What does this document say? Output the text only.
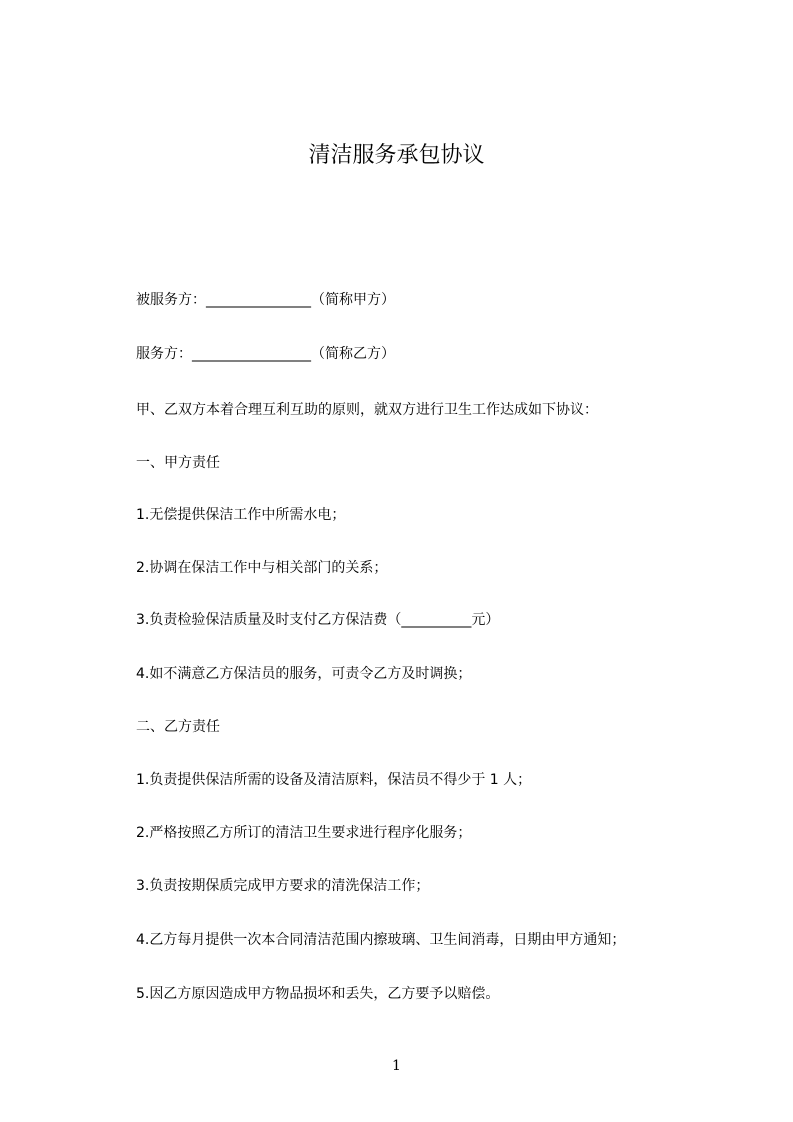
清洁服务承包协议
被服务方：_______________（简称甲方）
服务方：_________________（简称乙方）
甲、乙双方本着合理互利互助的原则，就双方进行卫生工作达成如下协议：
一、甲方责任
1.无偿提供保洁工作中所需水电；
2.协调在保洁工作中与相关部门的关系；
3.负责检验保洁质量及时支付乙方保洁费（__________元）
4.如不满意乙方保洁员的服务，可责令乙方及时调换；
二、乙方责任
1.负责提供保洁所需的设备及清洁原料，保洁员不得少于 1 人；
2.严格按照乙方所订的清洁卫生要求进行程序化服务；
3.负责按期保质完成甲方要求的清洗保洁工作；
4.乙方每月提供一次本合同清洁范围内擦玻璃、卫生间消毒，日期由甲方通知；
5.因乙方原因造成甲方物品损坏和丢失，乙方要予以赔偿。
1
